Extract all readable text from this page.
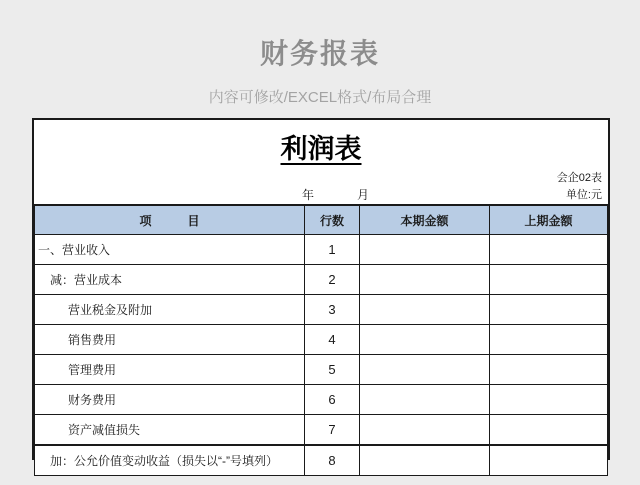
财务报表
内容可修改/EXCEL格式/布局合理
利润表
会企02表
年	月	单位:元
项　　　目	行数	本期金额	上期金额
一、营业收入	1		
减：营业成本	2		
营业税金及附加	3		
销售费用	4		
管理费用	5		
财务费用	6		
资产减值损失	7		
加：公允价值变动收益（损失以“-”号填列）	8		
